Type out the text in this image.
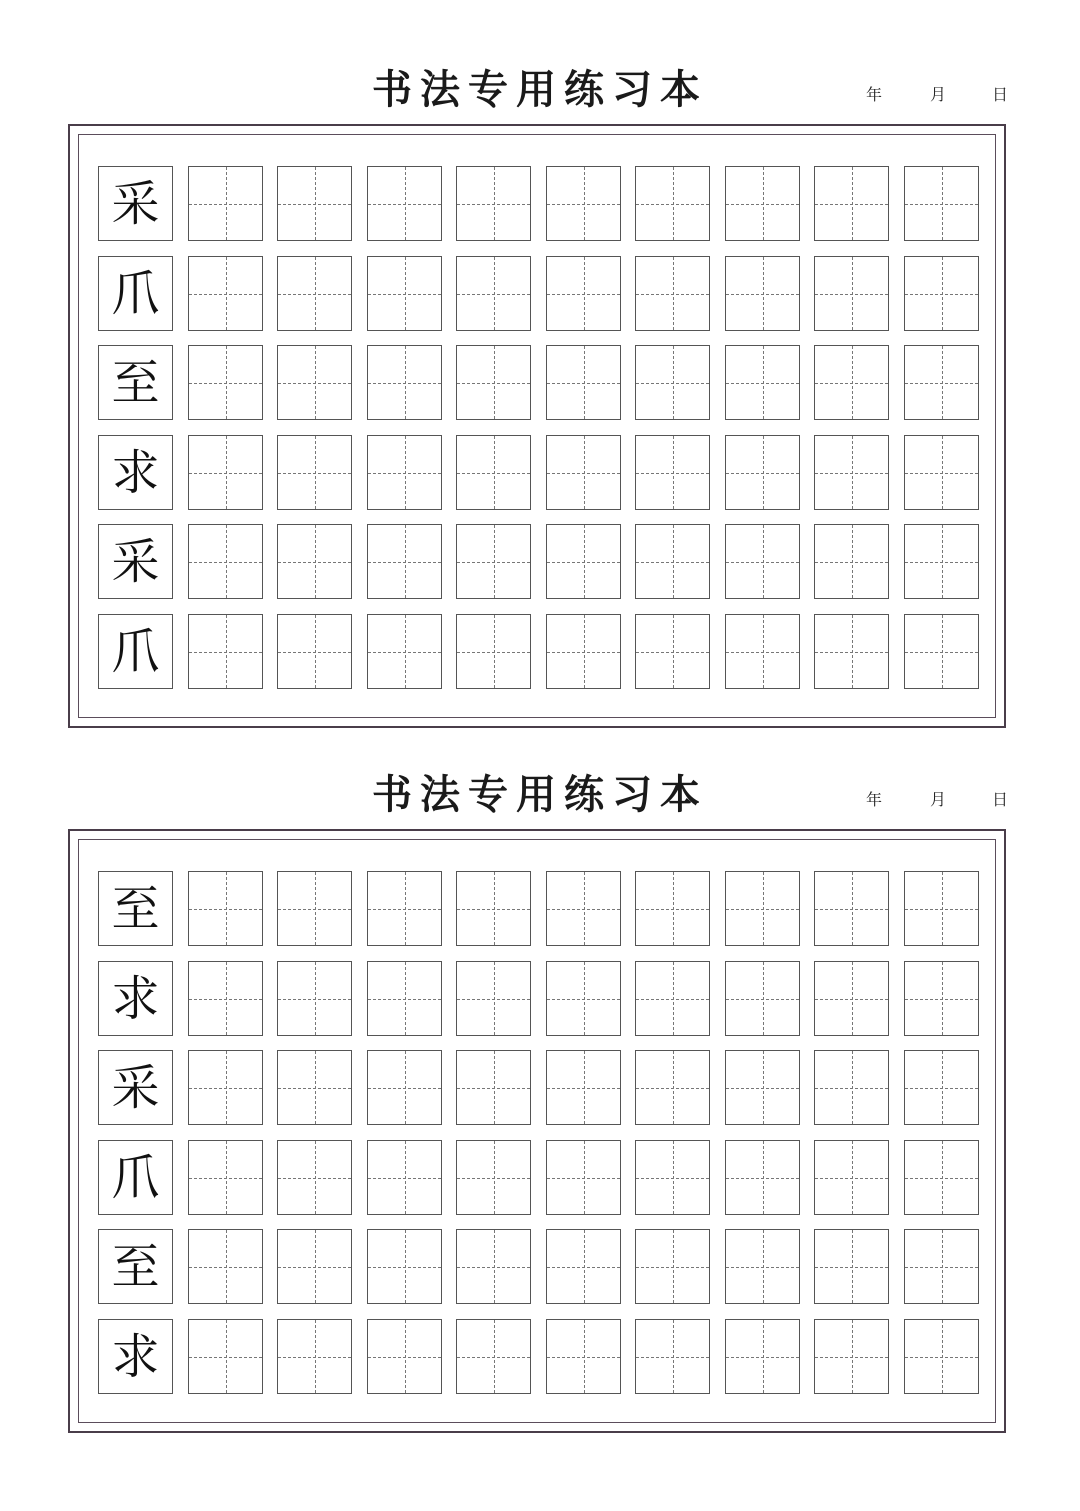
书法专用练习本	年	月	日
采
爪
至
求
采
爪
书法专用练习本	年	月	日
至
求
采
爪
至
求
